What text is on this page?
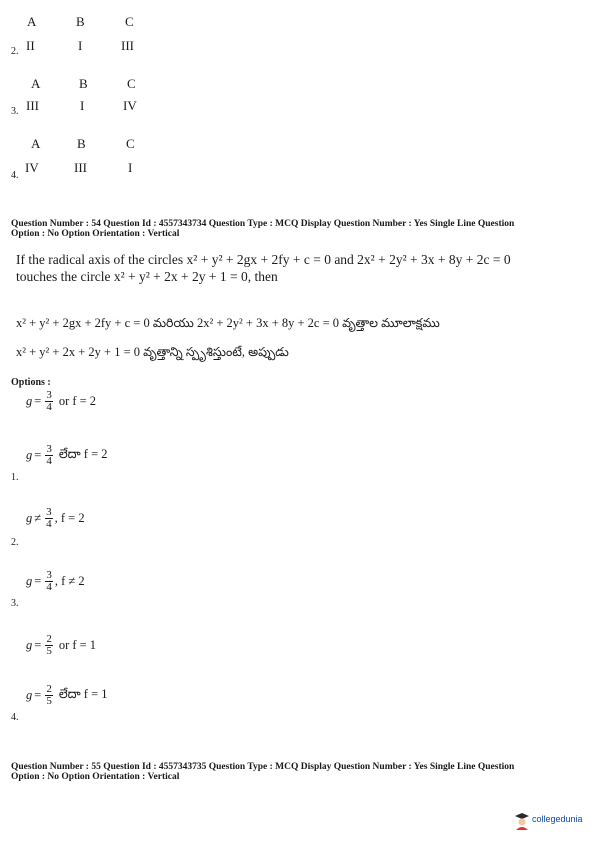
A	B	C
2. II	I	III
A	B	C
3. III	I	IV
A	B	C
4.
IV	III	I
Question Number : 54 Question Id : 4557343734 Question Type : MCQ Display Question Number : Yes Single Line Question
Option : No Option Orientation : Vertical
If the radical axis of the circles x² + y² + 2gx + 2fy + c = 0 and 2x² + 2y² + 3x + 8y + 2c = 0
touches the circle x² + y² + 2x + 2y + 1 = 0, then
x² + y² + 2gx + 2fy + c = 0 మరియు 2x² + 2y² + 3x + 8y + 2c = 0 వృత్తాల మూలాక్షము
x² + y² + 2x + 2y + 1 = 0 వృత్తాన్ని స్పృశిస్తుంటే, అప్పుడు
Options :
$g = \frac{3}{4}$ or f = 2
$g = \frac{3}{4}$ లేదా f = 2
1.
$g \ne \frac{3}{4}$ , f = 2
2.
$g = \frac{3}{4}$ , f ≠ 2
3.
$g = \frac{2}{5}$ or f = 1
$g = \frac{2}{5}$ లేదా f = 1
4.
Question Number : 55 Question Id : 4557343735 Question Type : MCQ Display Question Number : Yes Single Line Question
Option : No Option Orientation : Vertical
collegedunia
